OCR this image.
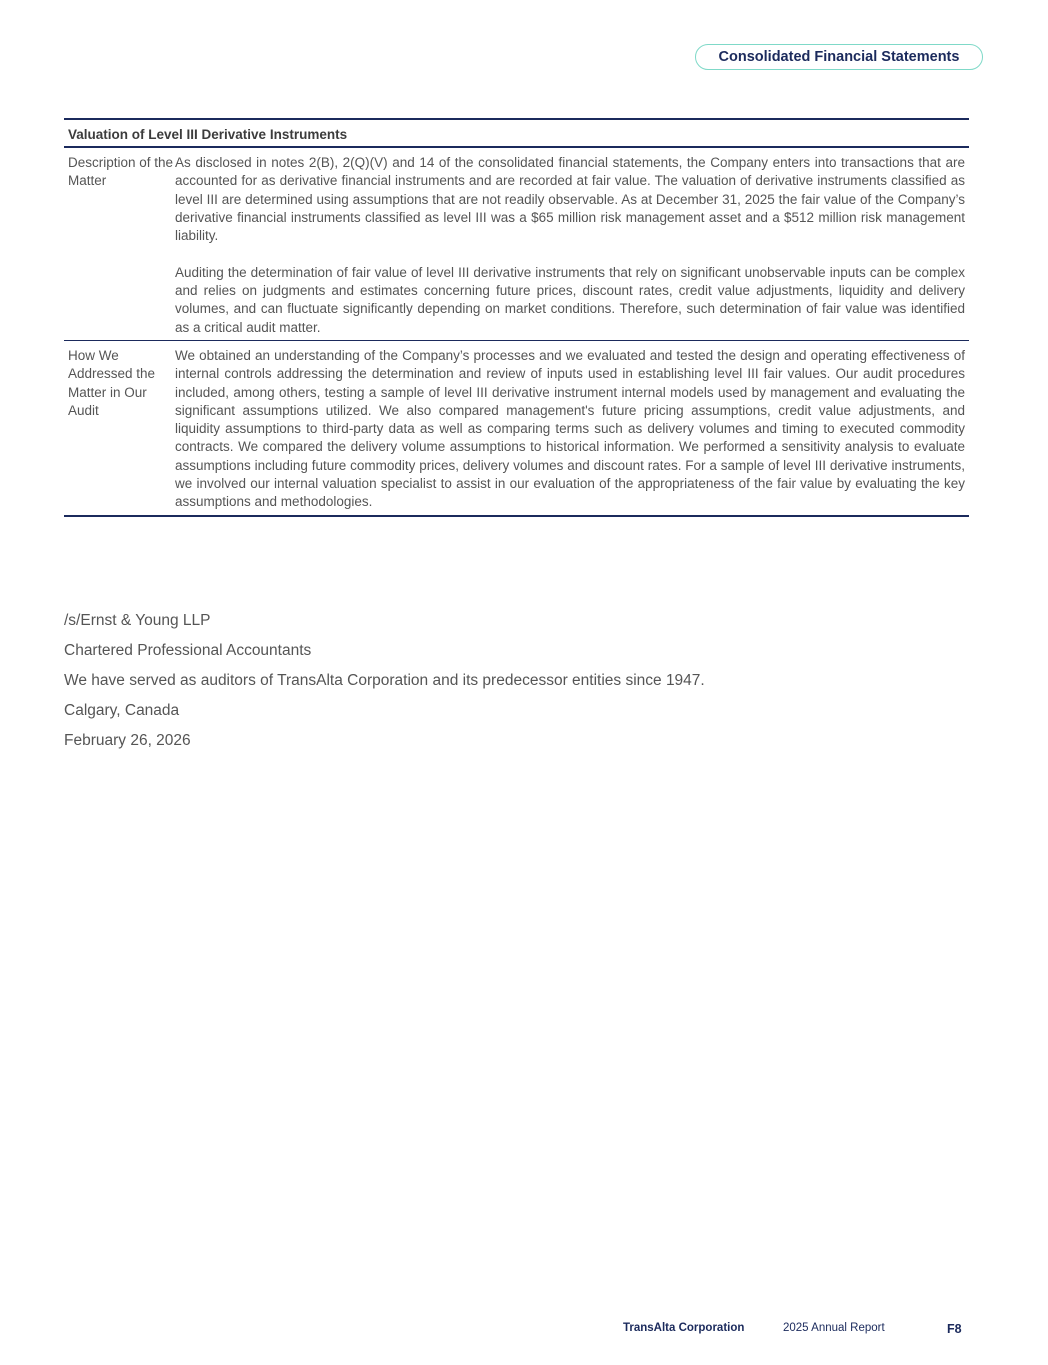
Consolidated Financial Statements
Valuation of Level III Derivative Instruments
Description of the Matter

As disclosed in notes 2(B), 2(Q)(V) and 14 of the consolidated financial statements, the Company enters into transactions that are accounted for as derivative financial instruments and are recorded at fair value. The valuation of derivative instruments classified as level III are determined using assumptions that are not readily observable. As at December 31, 2025 the fair value of the Company’s derivative financial instruments classified as level III was a $65 million risk management asset and a $512 million risk management liability.

Auditing the determination of fair value of level III derivative instruments that rely on significant unobservable inputs can be complex and relies on judgments and estimates concerning future prices, discount rates, credit value adjustments, liquidity and delivery volumes, and can fluctuate significantly depending on market conditions. Therefore, such determination of fair value was identified as a critical audit matter.

How We Addressed the Matter in Our Audit

We obtained an understanding of the Company’s processes and we evaluated and tested the design and operating effectiveness of internal controls addressing the determination and review of inputs used in establishing level III fair values. Our audit procedures included, among others, testing a sample of level III derivative instrument internal models used by management and evaluating the significant assumptions utilized. We also compared management's future pricing assumptions, credit value adjustments, and liquidity assumptions to third-party data as well as comparing terms such as delivery volumes and timing to executed commodity contracts. We compared the delivery volume assumptions to historical information. We performed a sensitivity analysis to evaluate assumptions including future commodity prices, delivery volumes and discount rates. For a sample of level III derivative instruments, we involved our internal valuation specialist to assist in our evaluation of the appropriateness of the fair value by evaluating the key assumptions and methodologies.

/s/Ernst & Young LLP
Chartered Professional Accountants
We have served as auditors of TransAlta Corporation and its predecessor entities since 1947.
Calgary, Canada
February 26, 2026
TransAlta Corporation	2025 Annual Report	F8
